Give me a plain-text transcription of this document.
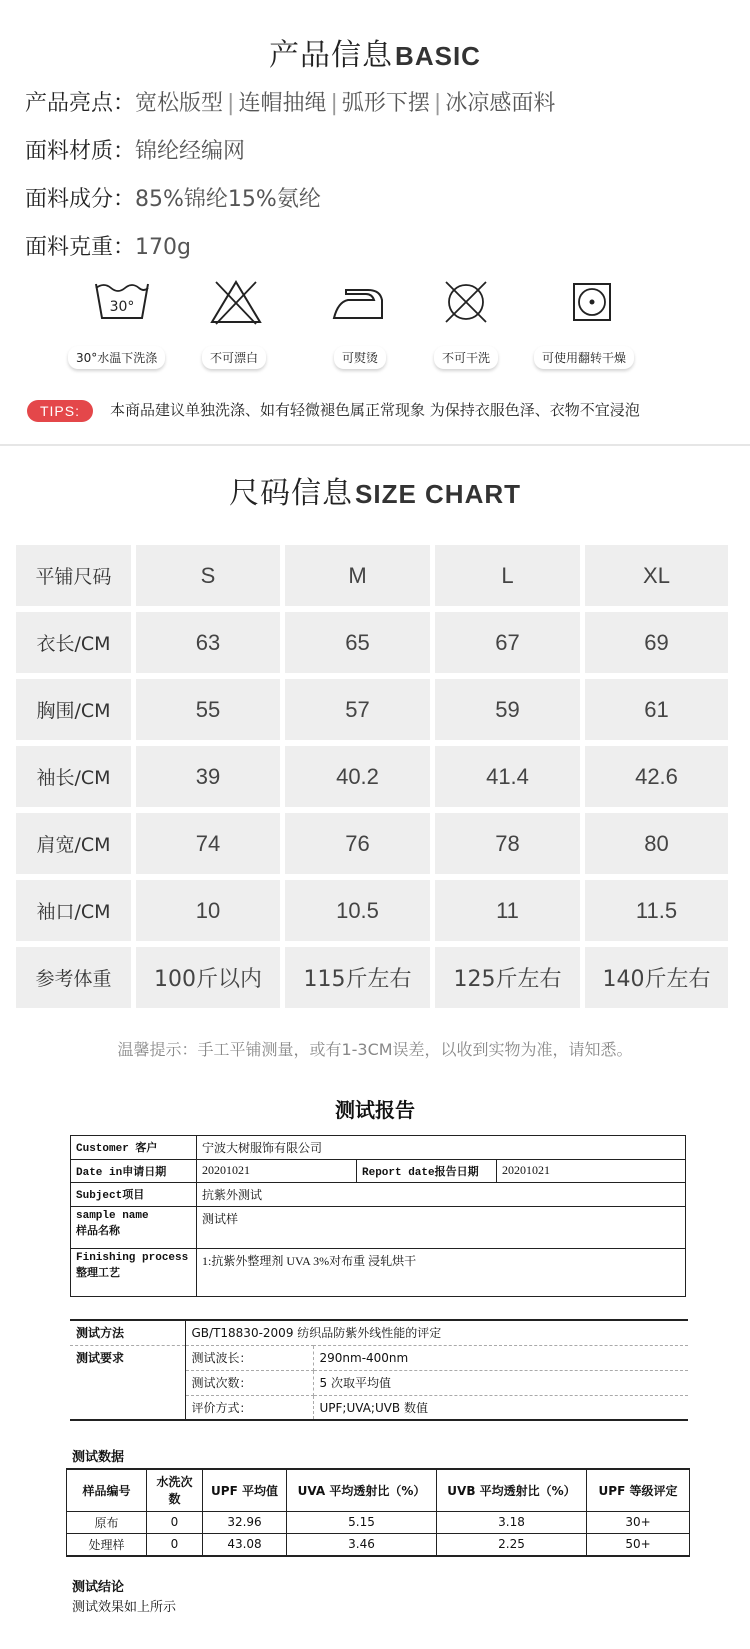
产品信息BASIC
产品亮点：宽松版型 | 连帽抽绳 | 弧形下摆 | 冰凉感面料
面料材质：锦纶经编网
面料成分：85%锦纶15%氨纶
面料克重：170g
30°
30°水温下洗涤	不可漂白	可熨烫	不可干洗	可使用翻转干燥
TIPS:	本商品建议单独洗涤、如有轻微褪色属正常现象 为保持衣服色泽、衣物不宜浸泡
尺码信息SIZE CHART
平铺尺码	S	M	L	XL
衣长/CM	63	65	67	69
胸围/CM	55	57	59	61
袖长/CM	39	40.2	41.4	42.6
肩宽/CM	74	76	78	80
袖口/CM	10	10.5	11	11.5
参考体重	100斤以内	115斤左右	125斤左右	140斤左右
温馨提示：手工平铺测量，或有1-3CM误差，以收到实物为准，请知悉。
测试报告
Customer 客户	宁波大树服饰有限公司		
Date in申请日期	20201021	Report date报告日期	20201021
Subject项目	抗紫外测试		

sample name
样品名称	测试样		

Finishing process
整理工艺	1:抗紫外整理剂 UVA 3%对布重 浸轧烘干		
测试方法	GB/T18830-2009 纺织品防紫外线性能的评定	
测试要求	测试波长：	290nm-400nm
	测试次数：	5 次取平均值
	评价方式：	UPF;UVA;UVB 数值
测试数据
样品编号	水洗次数	UPF 平均值	UVA 平均透射比（%）	UVB 平均透射比（%）	UPF 等级评定
原布	0	32.96	5.15	3.18	30+
处理样	0	43.08	3.46	2.25	50+
测试结论
测试效果如上所示
